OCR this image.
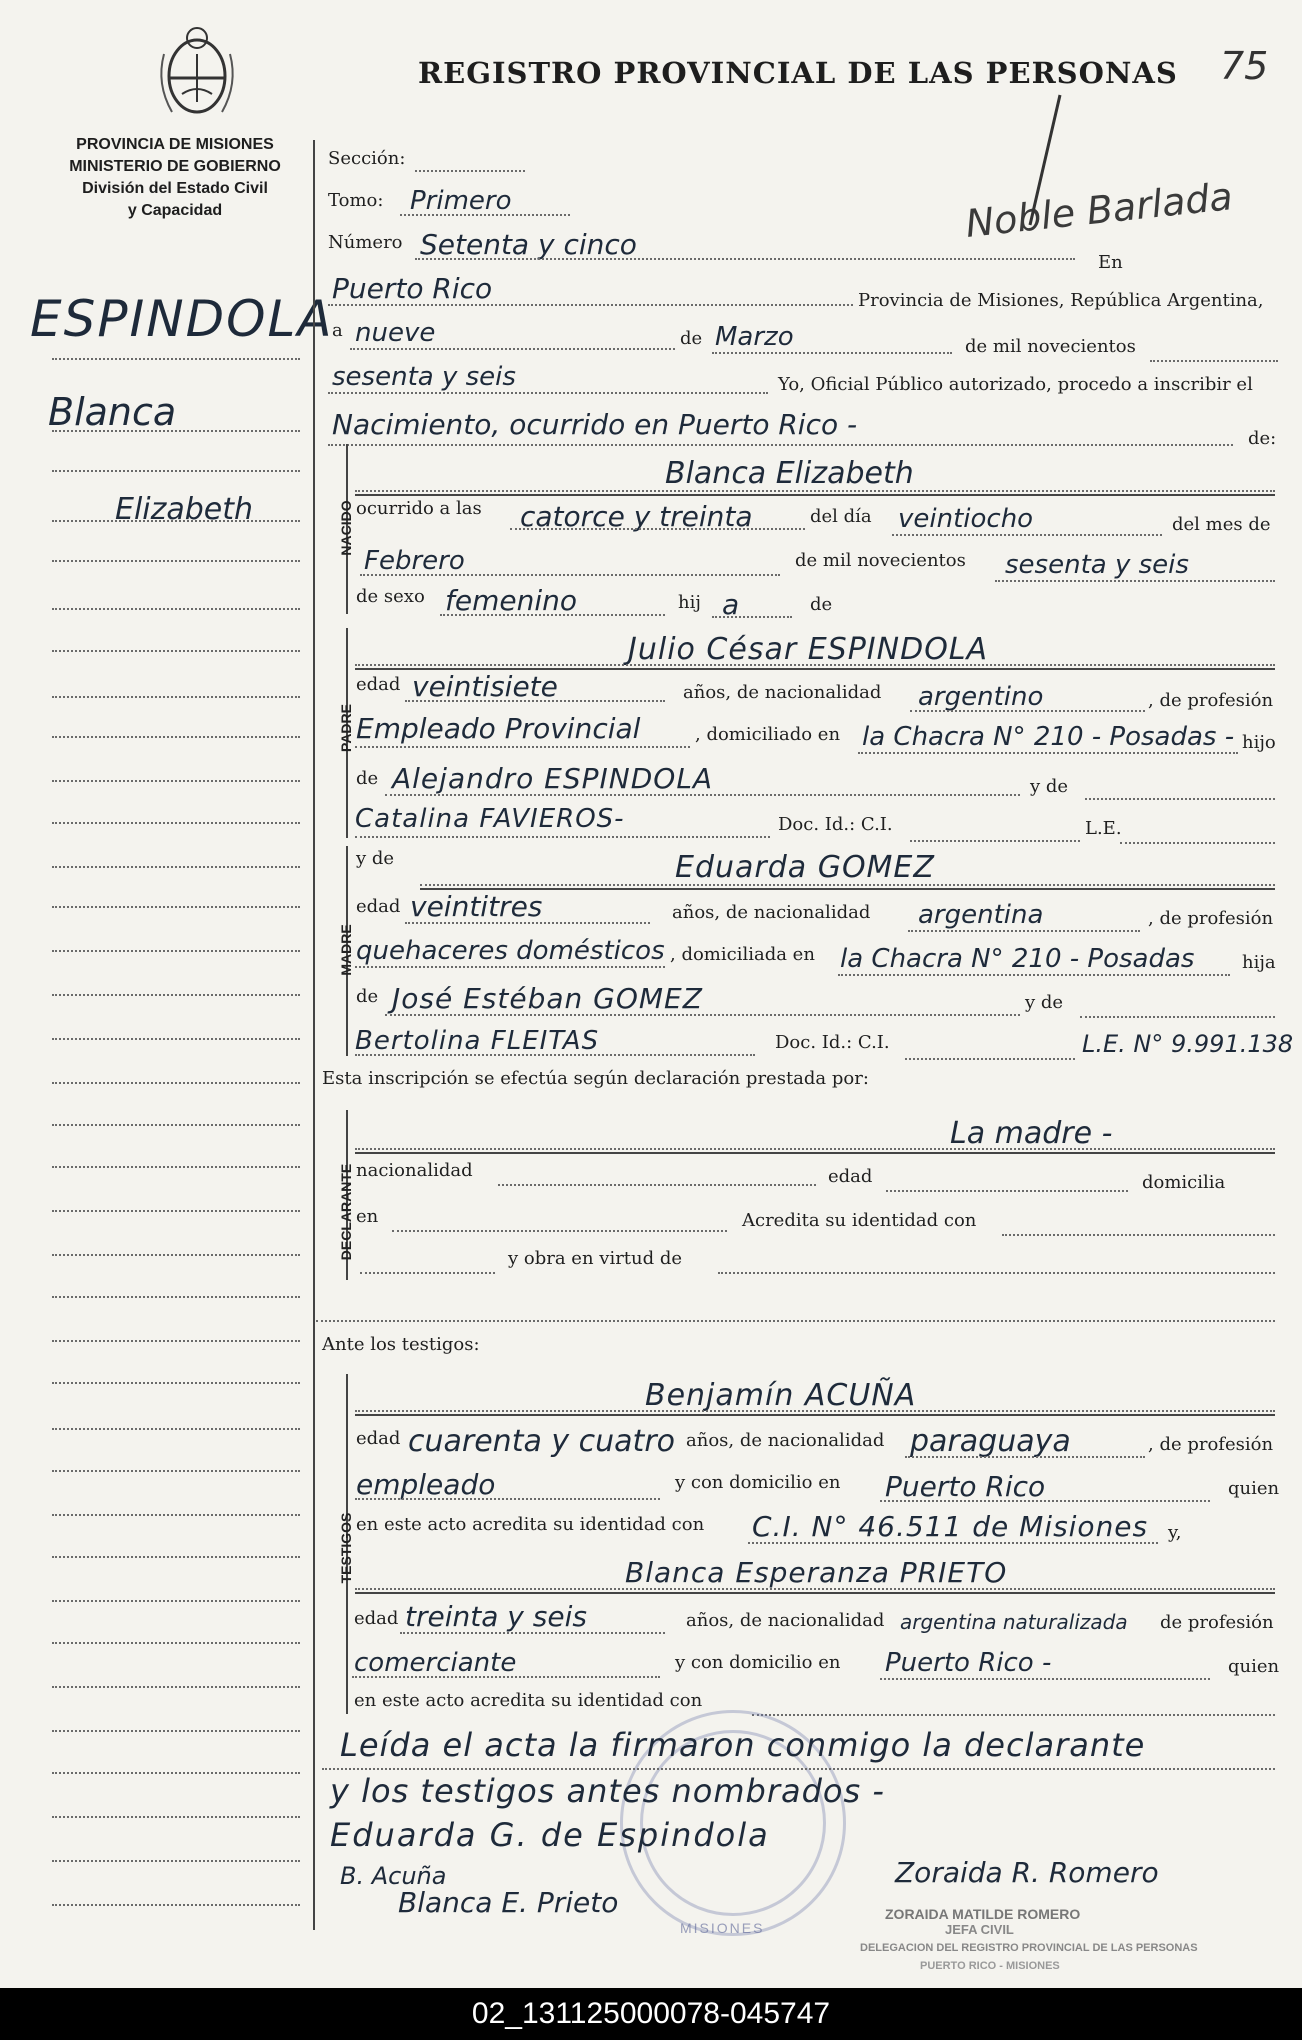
REGISTRO PROVINCIAL DE LAS PERSONAS 75
PROVINCIA DE MISIONES
MINISTERIO DE GOBIERNO
División del Estado Civil
y Capacidad	Noble Barlada
ESPINDOLA
Blanca
Elizabeth
Sección:
Tomo: Primero
Número Setenta y cinco
En
Puerto Rico	Provincia de Misiones, República Argentina,
a nueve	de Marzo	de mil novecientos
sesenta y seis	Yo, Oficial Público autorizado, procedo a inscribir el
Nacimiento, ocurrido en Puerto Rico -	de:
NACIDO
Blanca Elizabeth
ocurrido a las catorce y treinta	del día veintiocho	del mes de
Febrero	de mil novecientos sesenta y seis
de sexo femenino	hij a	de
PADRE
Julio César ESPINDOLA
edad veintisiete	años, de nacionalidad argentino	, de profesión
Empleado Provincial	, domiciliado en la Chacra N° 210 - Posadas - hijo
de Alejandro ESPINDOLA	y de
Catalina FAVIEROS-	Doc. Id.: C.I.	L.E.
MADRE
y de	Eduarda GOMEZ
edad veintitres	años, de nacionalidad argentina	, de profesión
quehaceres domésticos , domiciliada en la Chacra N° 210 - Posadas	hija
de José Estéban GOMEZ	y de
Bertolina FLEITAS	Doc. Id.: C.I.	L.E. N° 9.991.138
Esta inscripción se efectúa según declaración prestada por:
DECLARANTE
La madre -
nacionalidad	edad	domicilia
en	Acredita su identidad con
y obra en virtud de
Ante los testigos:
TESTIGOS
Benjamín ACUÑA
edad cuarenta y cuatro años, de nacionalidad paraguaya	, de profesión
empleado	y con domicilio en Puerto Rico	quien
en este acto acredita su identidad con C.I. N° 46.511 de Misiones y,
Blanca Esperanza PRIETO
edad treinta y seis	años, de nacionalidad argentina naturalizada de profesión
comerciante	y con domicilio en Puerto Rico -	quien
en este acto acredita su identidad con
MISIONES
Leída el acta la firmaron conmigo la declarante
y los testigos antes nombrados -
Eduarda G. de Espindola
B. Acuña
Blanca E. Prieto
Zoraida R. Romero
ZORAIDA MATILDE ROMERO
JEFA CIVIL
DELEGACION DEL REGISTRO PROVINCIAL DE LAS PERSONAS
PUERTO RICO - MISIONES
02_131125000078-045747
